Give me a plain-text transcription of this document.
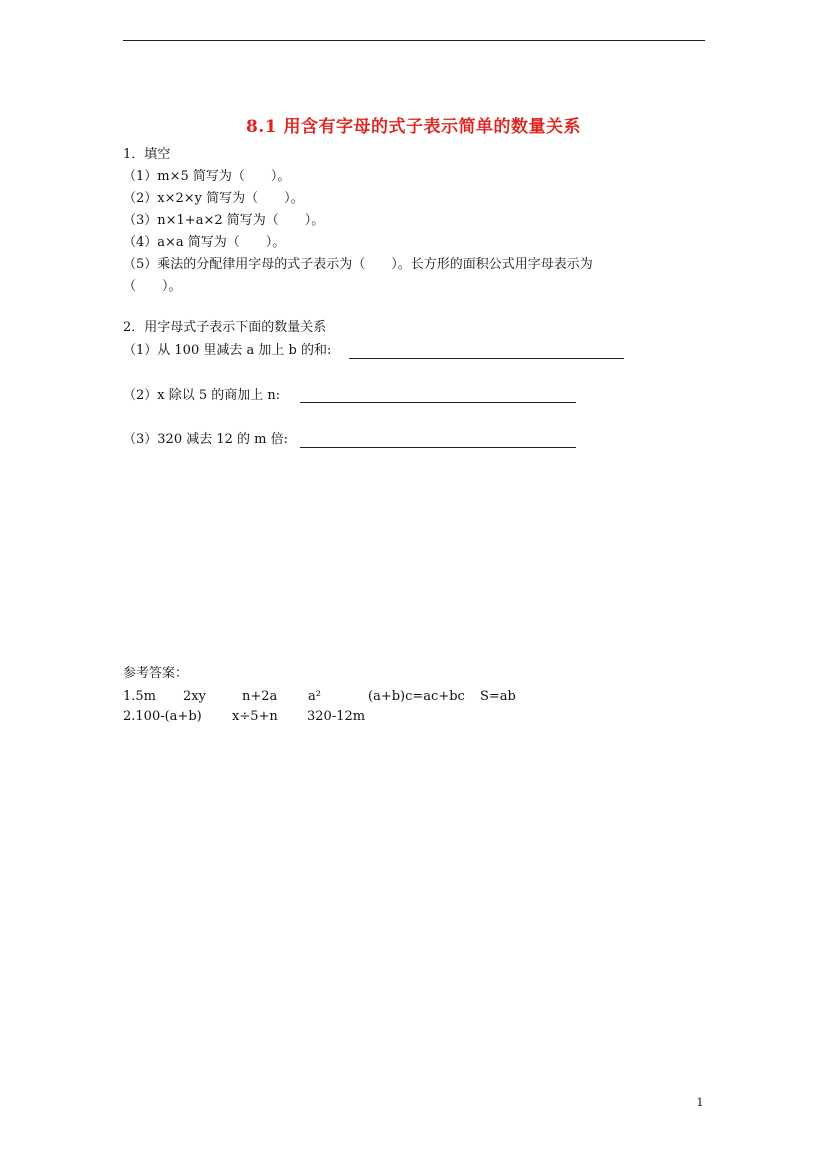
8.1 用含有字母的式子表示简单的数量关系

1．填空

（1）m×5 简写为（　　）。

（2）x×2×y 简写为（　　）。

（3）n×1+a×2 简写为（　　）。

（4）a×a 简写为（　　）。

（5）乘法的分配律用字母的式子表示为（　　）。长方形的面积公式用字母表示为

（　　）。

2．用字母式子表示下面的数量关系

（1）从 100 里减去 a 加上 b 的和:
（2）x 除以 5 的商加上 n:
（3）320 减去 12 的 m 倍:
参考答案：
1.5m 2xy	n+2a a²	(a+b)c=ac+bc S=ab
2.100-(a+b) x÷5+n 320-12m
1
